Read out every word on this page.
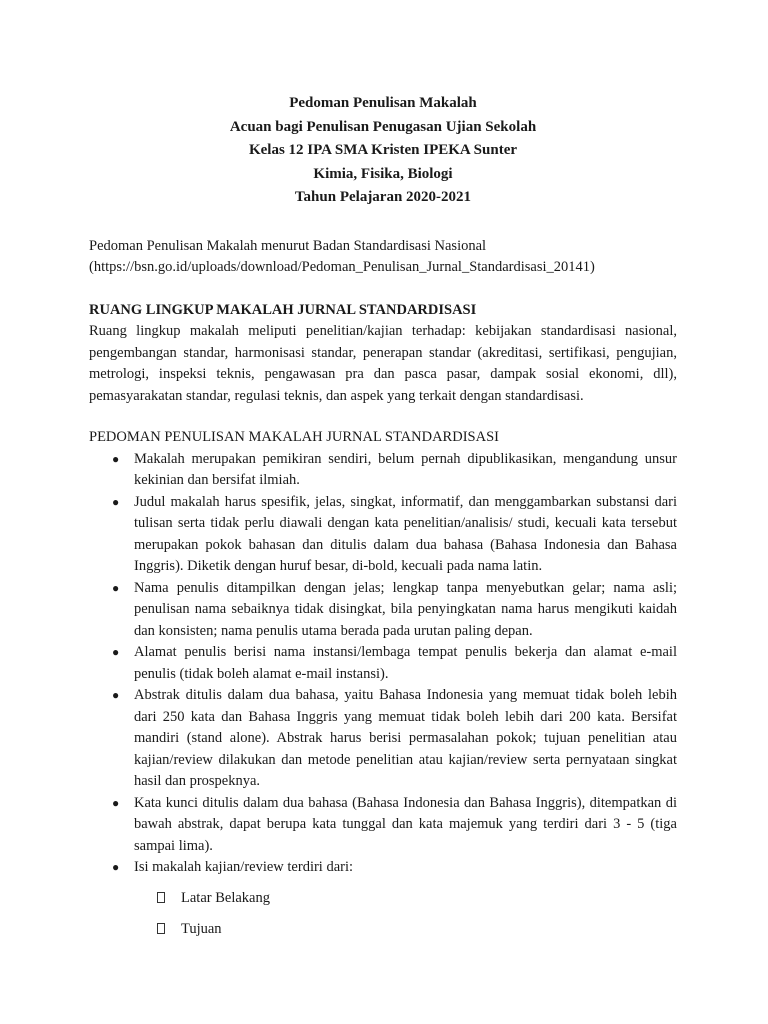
Pedoman Penulisan Makalah
Acuan bagi Penulisan Penugasan Ujian Sekolah
Kelas 12 IPA SMA Kristen IPEKA Sunter
Kimia, Fisika, Biologi
Tahun Pelajaran 2020-2021
Pedoman Penulisan Makalah menurut Badan Standardisasi Nasional
(https://bsn.go.id/uploads/download/Pedoman_Penulisan_Jurnal_Standardisasi_20141)
RUANG LINGKUP MAKALAH JURNAL STANDARDISASI
Ruang lingkup makalah meliputi penelitian/kajian terhadap: kebijakan standardisasi nasional, pengembangan standar, harmonisasi standar, penerapan standar (akreditasi, sertifikasi, pengujian, metrologi, inspeksi teknis, pengawasan pra dan pasca pasar, dampak sosial ekonomi, dll), pemasyarakatan standar, regulasi teknis, dan aspek yang terkait dengan standardisasi.
PEDOMAN PENULISAN MAKALAH JURNAL STANDARDISASI
● Makalah merupakan pemikiran sendiri, belum pernah dipublikasikan, mengandung unsur kekinian dan bersifat ilmiah.
● Judul makalah harus spesifik, jelas, singkat, informatif, dan menggambarkan substansi dari tulisan serta tidak perlu diawali dengan kata penelitian/analisis/ studi, kecuali kata tersebut merupakan pokok bahasan dan ditulis dalam dua bahasa (Bahasa Indonesia dan Bahasa Inggris). Diketik dengan huruf besar, di-bold, kecuali pada nama latin.
● Nama penulis ditampilkan dengan jelas; lengkap tanpa menyebutkan gelar; nama asli; penulisan nama sebaiknya tidak disingkat, bila penyingkatan nama harus mengikuti kaidah dan konsisten; nama penulis utama berada pada urutan paling depan.
● Alamat penulis berisi nama instansi/lembaga tempat penulis bekerja dan alamat e-mail penulis (tidak boleh alamat e-mail instansi).
● Abstrak ditulis dalam dua bahasa, yaitu Bahasa Indonesia yang memuat tidak boleh lebih dari 250 kata dan Bahasa Inggris yang memuat tidak boleh lebih dari 200 kata. Bersifat mandiri (stand alone). Abstrak harus berisi permasalahan pokok; tujuan penelitian atau kajian/review dilakukan dan metode penelitian atau kajian/review serta pernyataan singkat hasil dan prospeknya.
● Kata kunci ditulis dalam dua bahasa (Bahasa Indonesia dan Bahasa Inggris), ditempatkan di bawah abstrak, dapat berupa kata tunggal dan kata majemuk yang terdiri dari 3 - 5 (tiga sampai lima).
● Isi makalah kajian/review terdiri dari:
Latar Belakang
Tujuan
